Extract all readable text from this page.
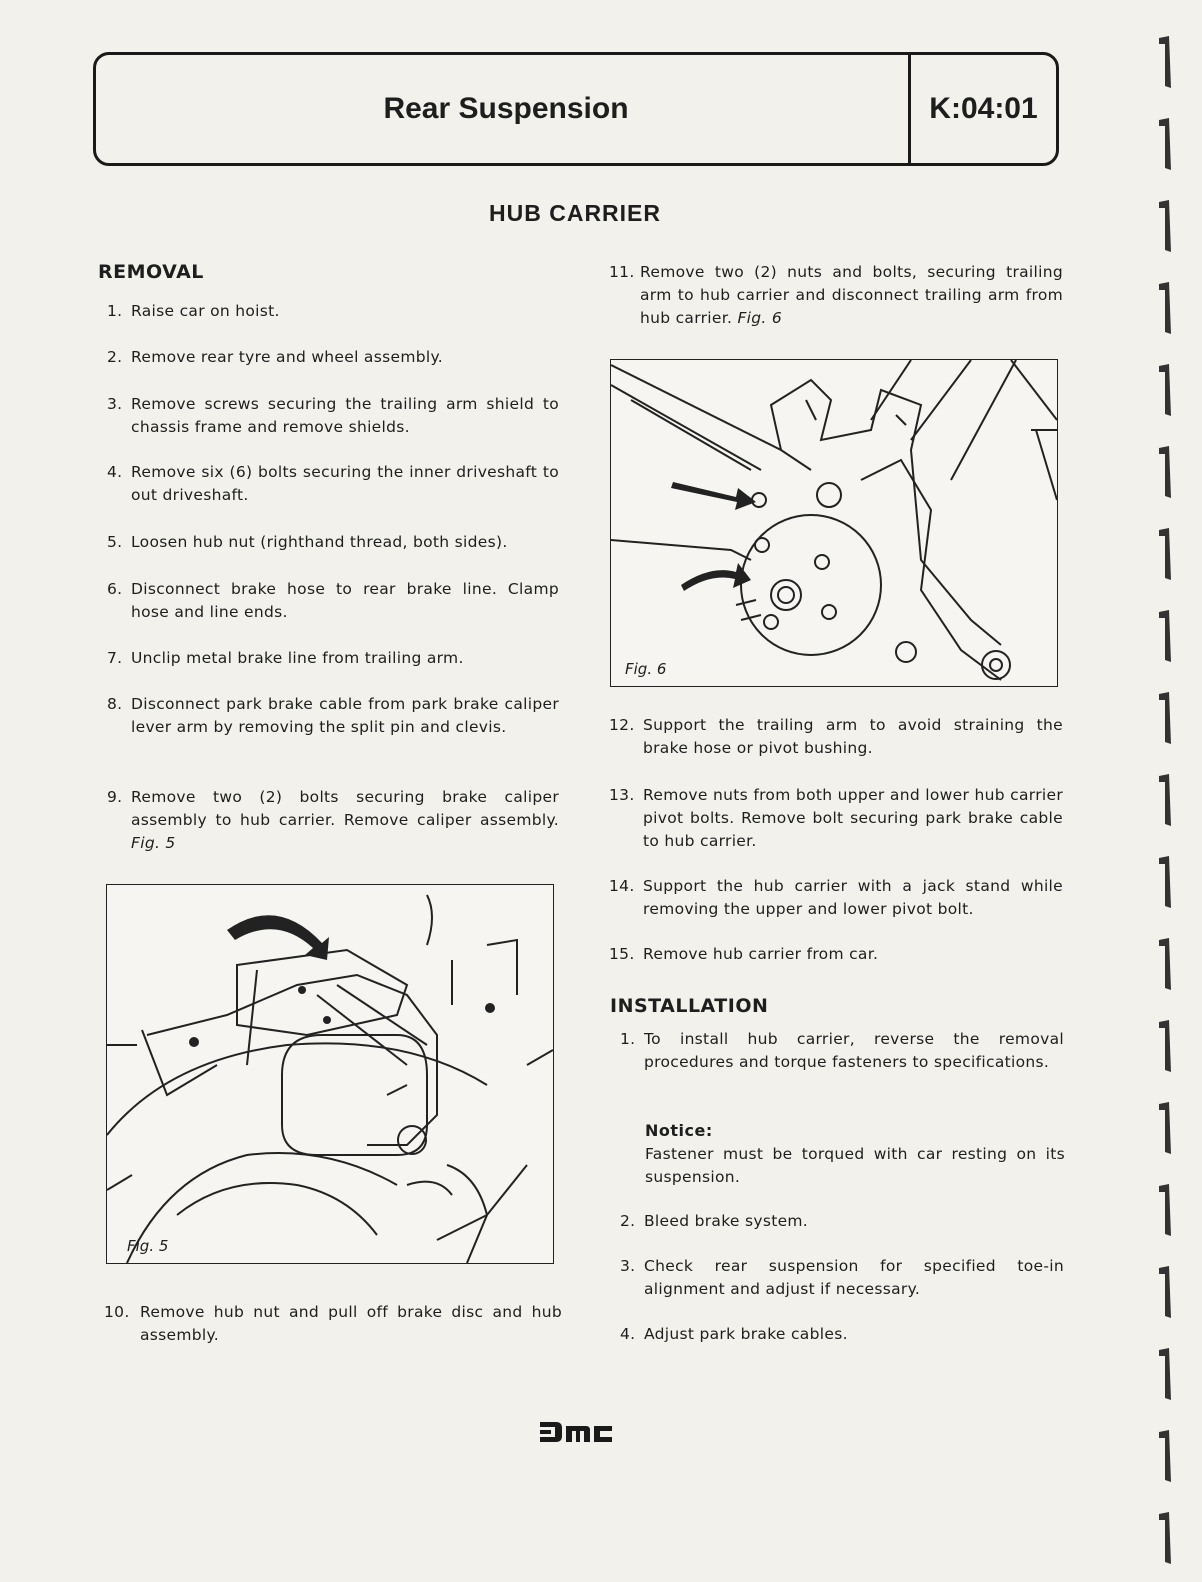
Rear Suspension	K:04:01
HUB CARRIER
REMOVAL
1. Raise car on hoist.
2. Remove rear tyre and wheel assembly.
3. Remove screws securing the trailing arm shield to chassis frame and remove shields.
4. Remove six (6) bolts securing the inner driveshaft to out driveshaft.
5. Loosen hub nut (righthand thread, both sides).
6. Disconnect brake hose to rear brake line. Clamp hose and line ends.
7. Unclip metal brake line from trailing arm.
8. Disconnect park brake cable from park brake caliper lever arm by removing the split pin and clevis.
9. Remove two (2) bolts securing brake caliper assembly to hub carrier. Remove caliper assembly. Fig. 5
Fig. 5
10. Remove hub nut and pull off brake disc and hub assembly.
11. Remove two (2) nuts and bolts, securing trailing arm to hub carrier and disconnect trailing arm from hub carrier. Fig. 6
Fig. 6
12. Support the trailing arm to avoid straining the brake hose or pivot bushing.
13. Remove nuts from both upper and lower hub carrier pivot bolts. Remove bolt securing park brake cable to hub carrier.
14. Support the hub carrier with a jack stand while removing the upper and lower pivot bolt.
15. Remove hub carrier from car.
INSTALLATION
1. To install hub carrier, reverse the removal procedures and torque fasteners to specifications.
Notice:
Fastener must be torqued with car resting on its suspension.
2. Bleed brake system.
3. Check rear suspension for specified toe-in alignment and adjust if necessary.
4. Adjust park brake cables.
